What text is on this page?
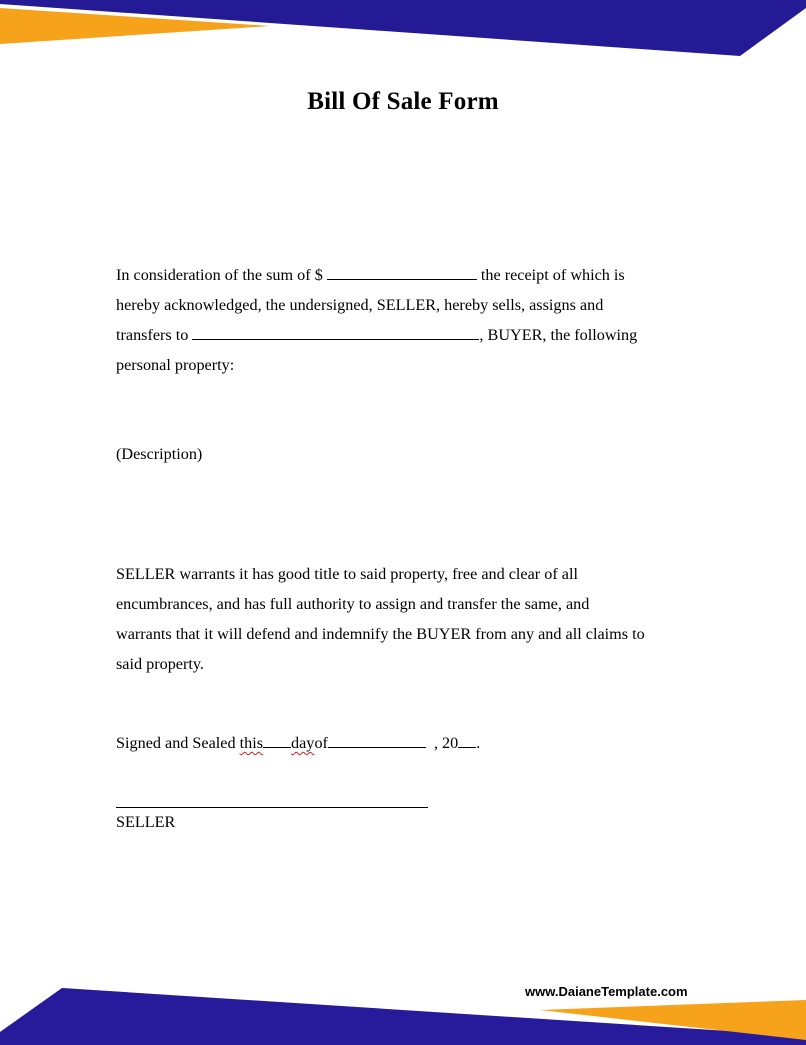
Bill Of Sale Form
In consideration of the sum of $	the receipt of which is
hereby acknowledged, the undersigned, SELLER, hereby sells, assigns and
transfers to	, BUYER, the following
personal property:
(Description)
SELLER warrants it has good title to said property, free and clear of all
encumbrances, and has full authority to assign and transfer the same, and
warrants that it will defend and indemnify the BUYER from any and all claims to
said property.
Signed and Sealed this day of	, 20 .
SELLER
www.DaianeTemplate.com
